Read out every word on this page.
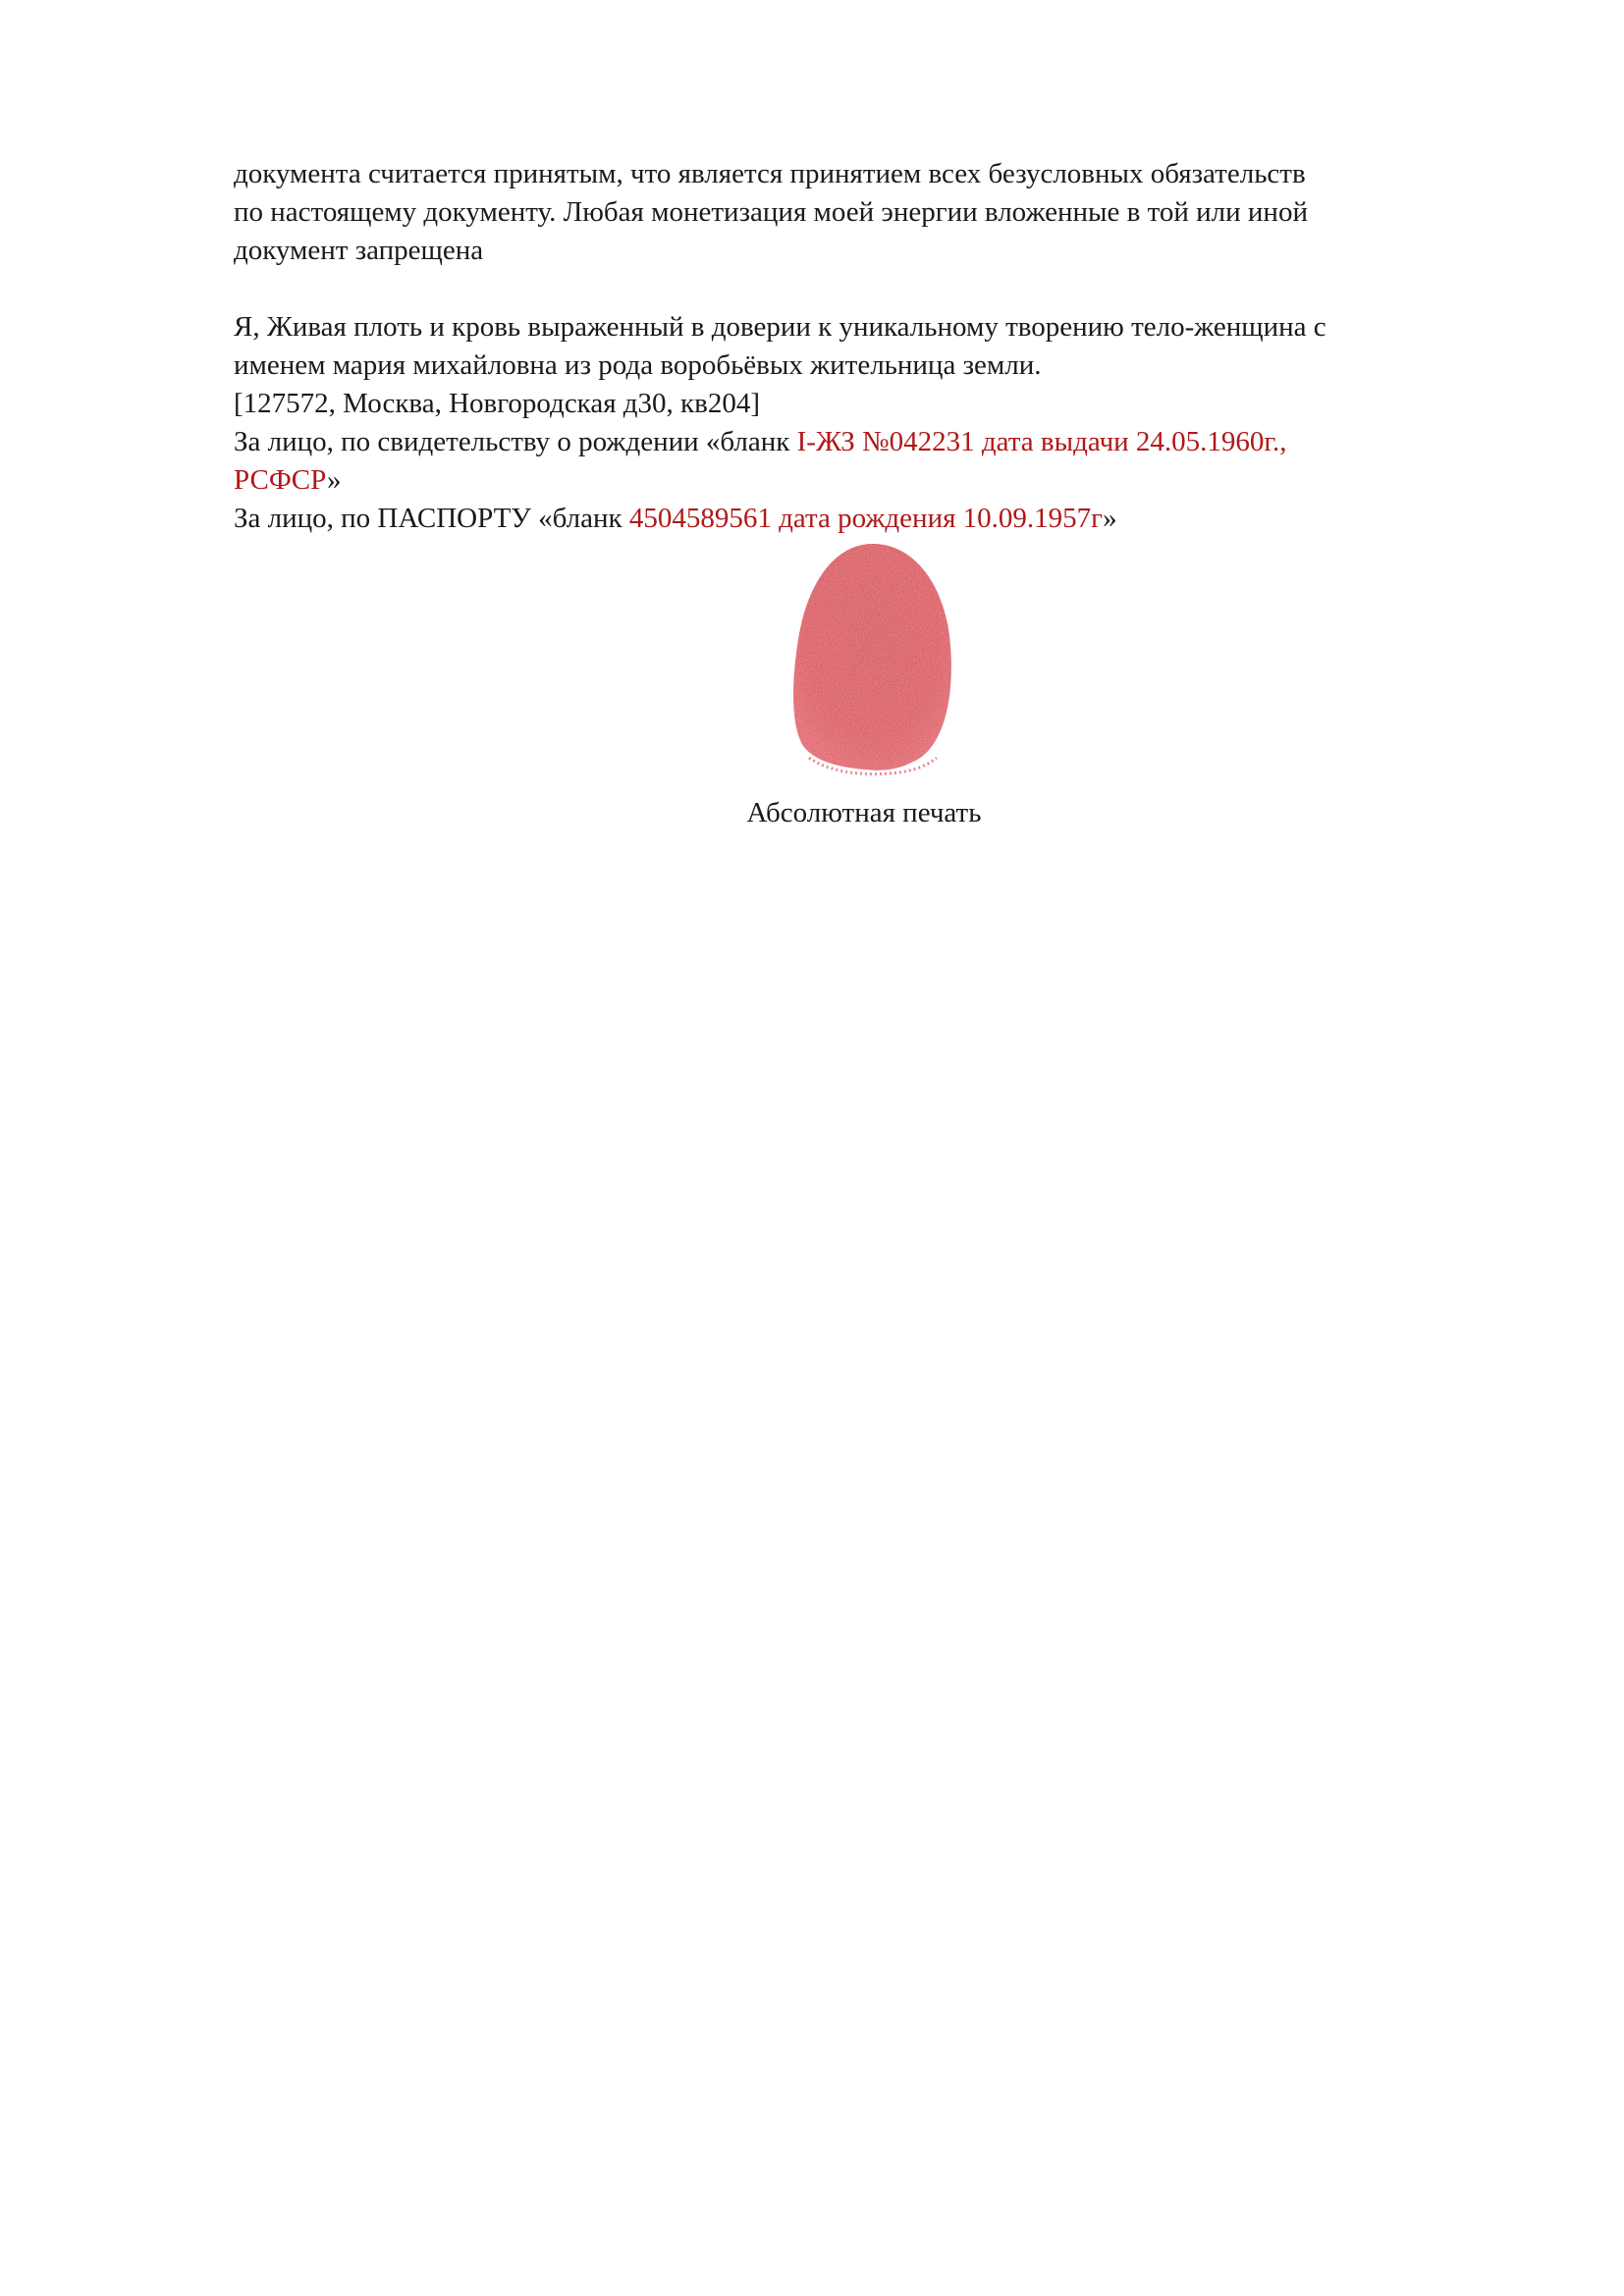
документа считается принятым, что является принятием всех безусловных обязательств
по настоящему документу. Любая монетизация моей энергии вложенные в той или иной
документ запрещена
Я, Живая плоть и кровь выраженный в доверии к уникальному творению тело-женщина с
именем мария михайловна из рода воробьёвых жительница земли.
[127572, Москва, Новгородская д30, кв204]
За лицо, по свидетельству о рождении «бланк I-ЖЗ №042231 дата выдачи 24.05.1960г.,
РСФСР»
За лицо, по ПАСПОРТУ «бланк 4504589561 дата рождения 10.09.1957г»
Абсолютная печать
